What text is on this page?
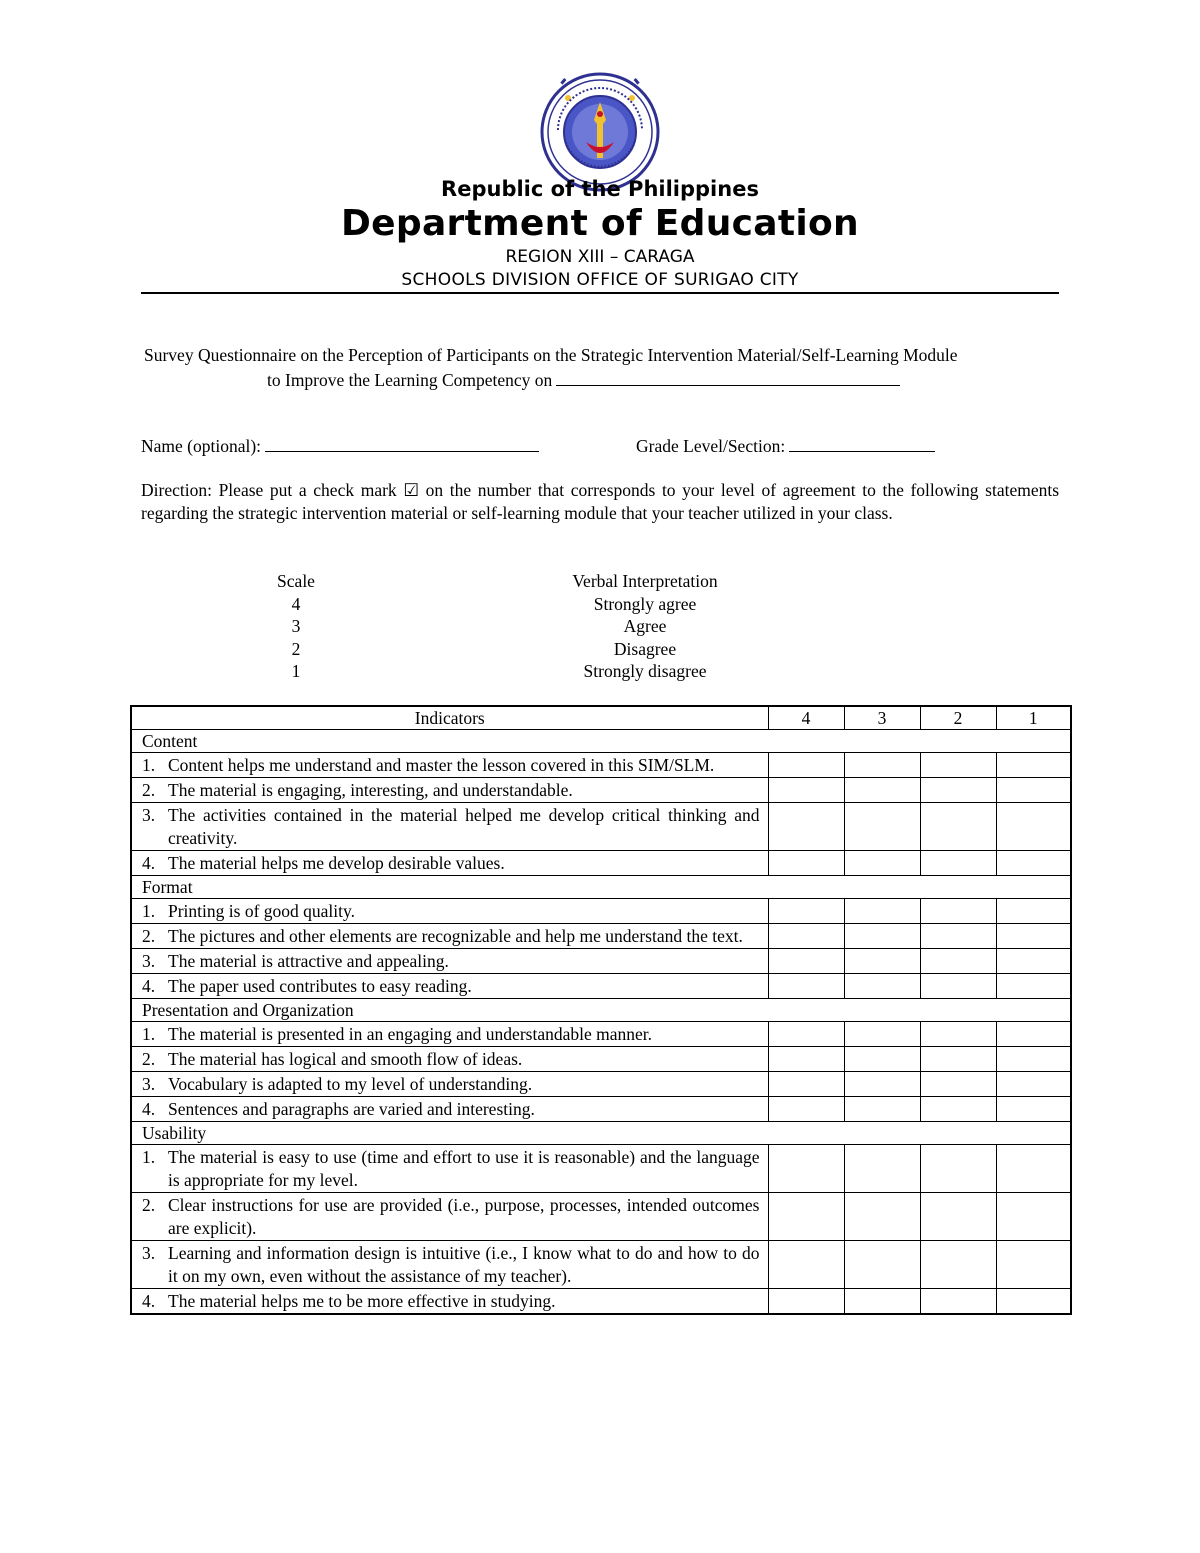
Republic of the Philippines
Department of Education
REGION XIII – CARAGA
SCHOOLS DIVISION OFFICE OF SURIGAO CITY
Survey Questionnaire on the Perception of Participants on the Strategic Intervention Material/Self-Learning Module
to Improve the Learning Competency on
Name (optional):	Grade Level/Section:
Direction: Please put a check mark ☑ on the number that corresponds to your level of agreement to the following statements regarding the strategic intervention material or self-learning module that your teacher utilized in your class.
Scale	Verbal Interpretation
4	Strongly agree
3	Agree
2	Disagree
1	Strongly disagree
Indicators	4	3	2	1
Content				

1. Content helps me understand and master the lesson covered in this SIM/SLM.				

2. The material is engaging, interesting, and understandable.				

3. The activities contained in the material helped me develop critical thinking and creativity.				

4. The material helps me develop desirable values.				

Format				

1. Printing is of good quality.				

2. The pictures and other elements are recognizable and help me understand the text.				

3. The material is attractive and appealing.				

4. The paper used contributes to easy reading.				

Presentation and Organization				

1. The material is presented in an engaging and understandable manner.				

2. The material has logical and smooth flow of ideas.				

3. Vocabulary is adapted to my level of understanding.				

4. Sentences and paragraphs are varied and interesting.				

Usability				

1. The material is easy to use (time and effort to use it is reasonable) and the language is appropriate for my level.				

2. Clear instructions for use are provided (i.e., purpose, processes, intended outcomes are explicit).				

3. Learning and information design is intuitive (i.e., I know what to do and how to do it on my own, even without the assistance of my teacher).				

4. The material helps me to be more effective in studying.				
